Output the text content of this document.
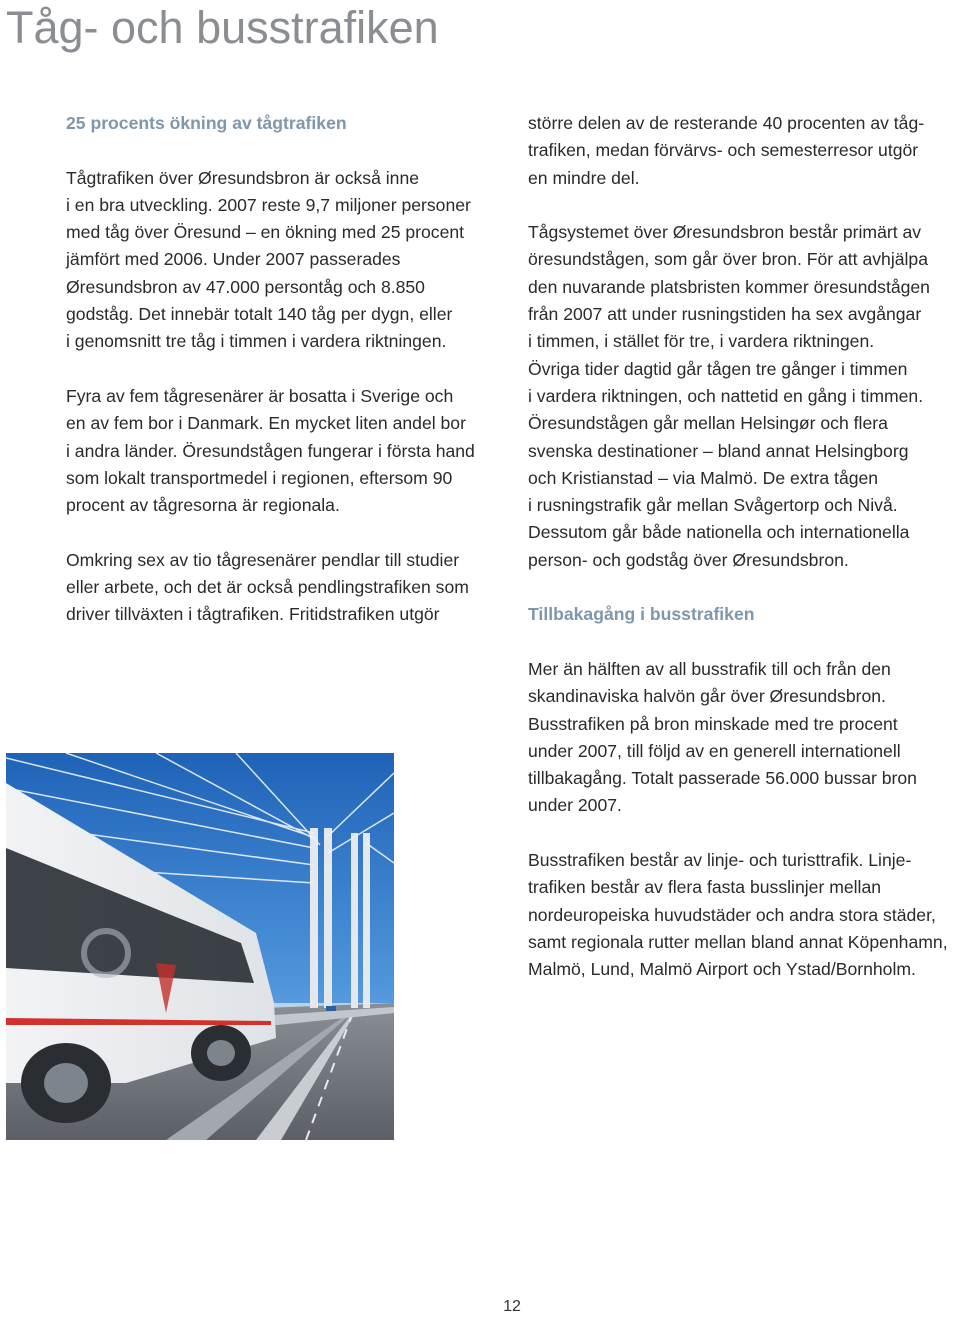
Tåg- och busstrafiken
25 procents ökning av tågtrafiken

Tågtrafiken över Øresundsbron är också inne
i en bra utveckling. 2007 reste 9,7 miljoner personer
med tåg över Öresund – en ökning med 25 procent
jämfört med 2006. Under 2007 passerades
Øresundsbron av 47.000 persontåg och 8.850
godståg. Det innebär totalt 140 tåg per dygn, eller
i genomsnitt tre tåg i timmen i vardera riktningen.

Fyra av fem tågresenärer är bosatta i Sverige och
en av fem bor i Danmark. En mycket liten andel bor
i andra länder. Öresundstågen fungerar i första hand
som lokalt transportmedel i regionen, eftersom 90
procent av tågresorna är regionala.

Omkring sex av tio tågresenärer pendlar till studier
eller arbete, och det är också pendlingstrafiken som
driver tillväxten i tågtrafiken. Fritidstrafiken utgör

större delen av de resterande 40 procenten av tåg-
trafiken, medan förvärvs- och semesterresor utgör
en mindre del.

Tågsystemet över Øresundsbron består primärt av
öresundstågen, som går över bron. För att avhjälpa
den nuvarande platsbristen kommer öresundstågen
från 2007 att under rusningstiden ha sex avgångar
i timmen, i stället för tre, i vardera riktningen.
Övriga tider dagtid går tågen tre gånger i timmen
i vardera riktningen, och nattetid en gång i timmen.
Öresundstågen går mellan Helsingør och flera
svenska destinationer – bland annat Helsingborg
och Kristianstad – via Malmö. De extra tågen
i rusningstrafik går mellan Svågertorp och Nivå.
Dessutom går både nationella och internationella
person- och godståg över Øresundsbron.

Tillbakagång i busstrafiken

Mer än hälften av all busstrafik till och från den
skandinaviska halvön går över Øresundsbron.
Busstrafiken på bron minskade med tre procent
under 2007, till följd av en generell internationell
tillbakagång. Totalt passerade 56.000 bussar bron
under 2007.

Busstrafiken består av linje- och turisttrafik. Linje-
trafiken består av flera fasta busslinjer mellan
nordeuropeiska huvudstäder och andra stora städer,
samt regionala rutter mellan bland annat Köpenhamn,
Malmö, Lund, Malmö Airport och Ystad/Bornholm.

12
